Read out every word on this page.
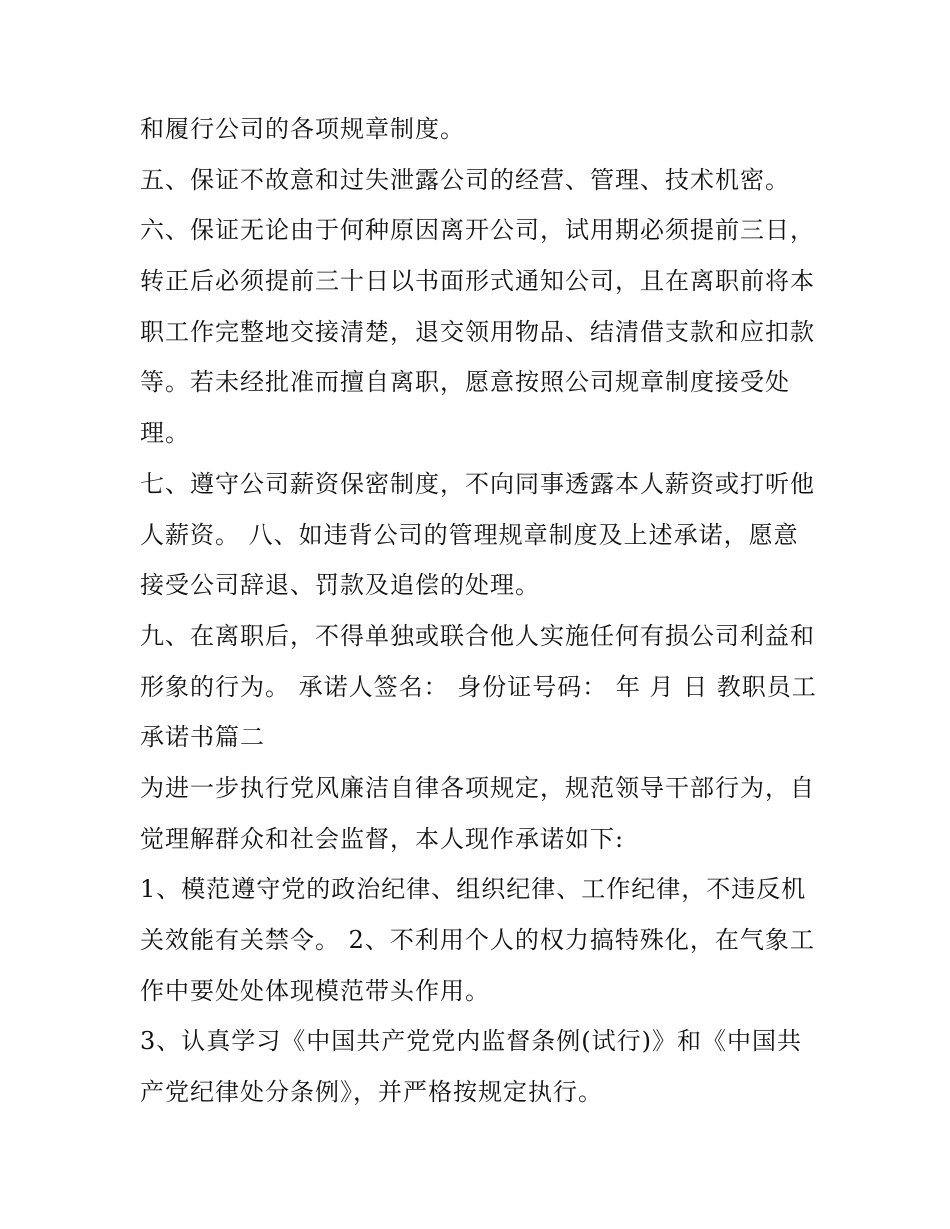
和履行公司的各项规章制度。
五、保证不故意和过失泄露公司的经营、管理、技术机密。
六、保证无论由于何种原因离开公司，试用期必须提前三日，
转正后必须提前三十日以书面形式通知公司，且在离职前将本
职工作完整地交接清楚，退交领用物品、结清借支款和应扣款
等。若未经批准而擅自离职，愿意按照公司规章制度接受处
理。
七、遵守公司薪资保密制度，不向同事透露本人薪资或打听他
人薪资。 八、如违背公司的管理规章制度及上述承诺，愿意
接受公司辞退、罚款及追偿的处理。
九、在离职后，不得单独或联合他人实施任何有损公司利益和
形象的行为。 承诺人签名： 身份证号码： 年 月 日 教职员工
承诺书篇二
为进一步执行党风廉洁自律各项规定，规范领导干部行为，自
觉理解群众和社会监督，本人现作承诺如下:
1、模范遵守党的政治纪律、组织纪律、工作纪律，不违反机
关效能有关禁令。 2、不利用个人的权力搞特殊化，在气象工
作中要处处体现模范带头作用。
3、认真学习《中国共产党党内监督条例(试行)》和《中国共
产党纪律处分条例》，并严格按规定执行。
